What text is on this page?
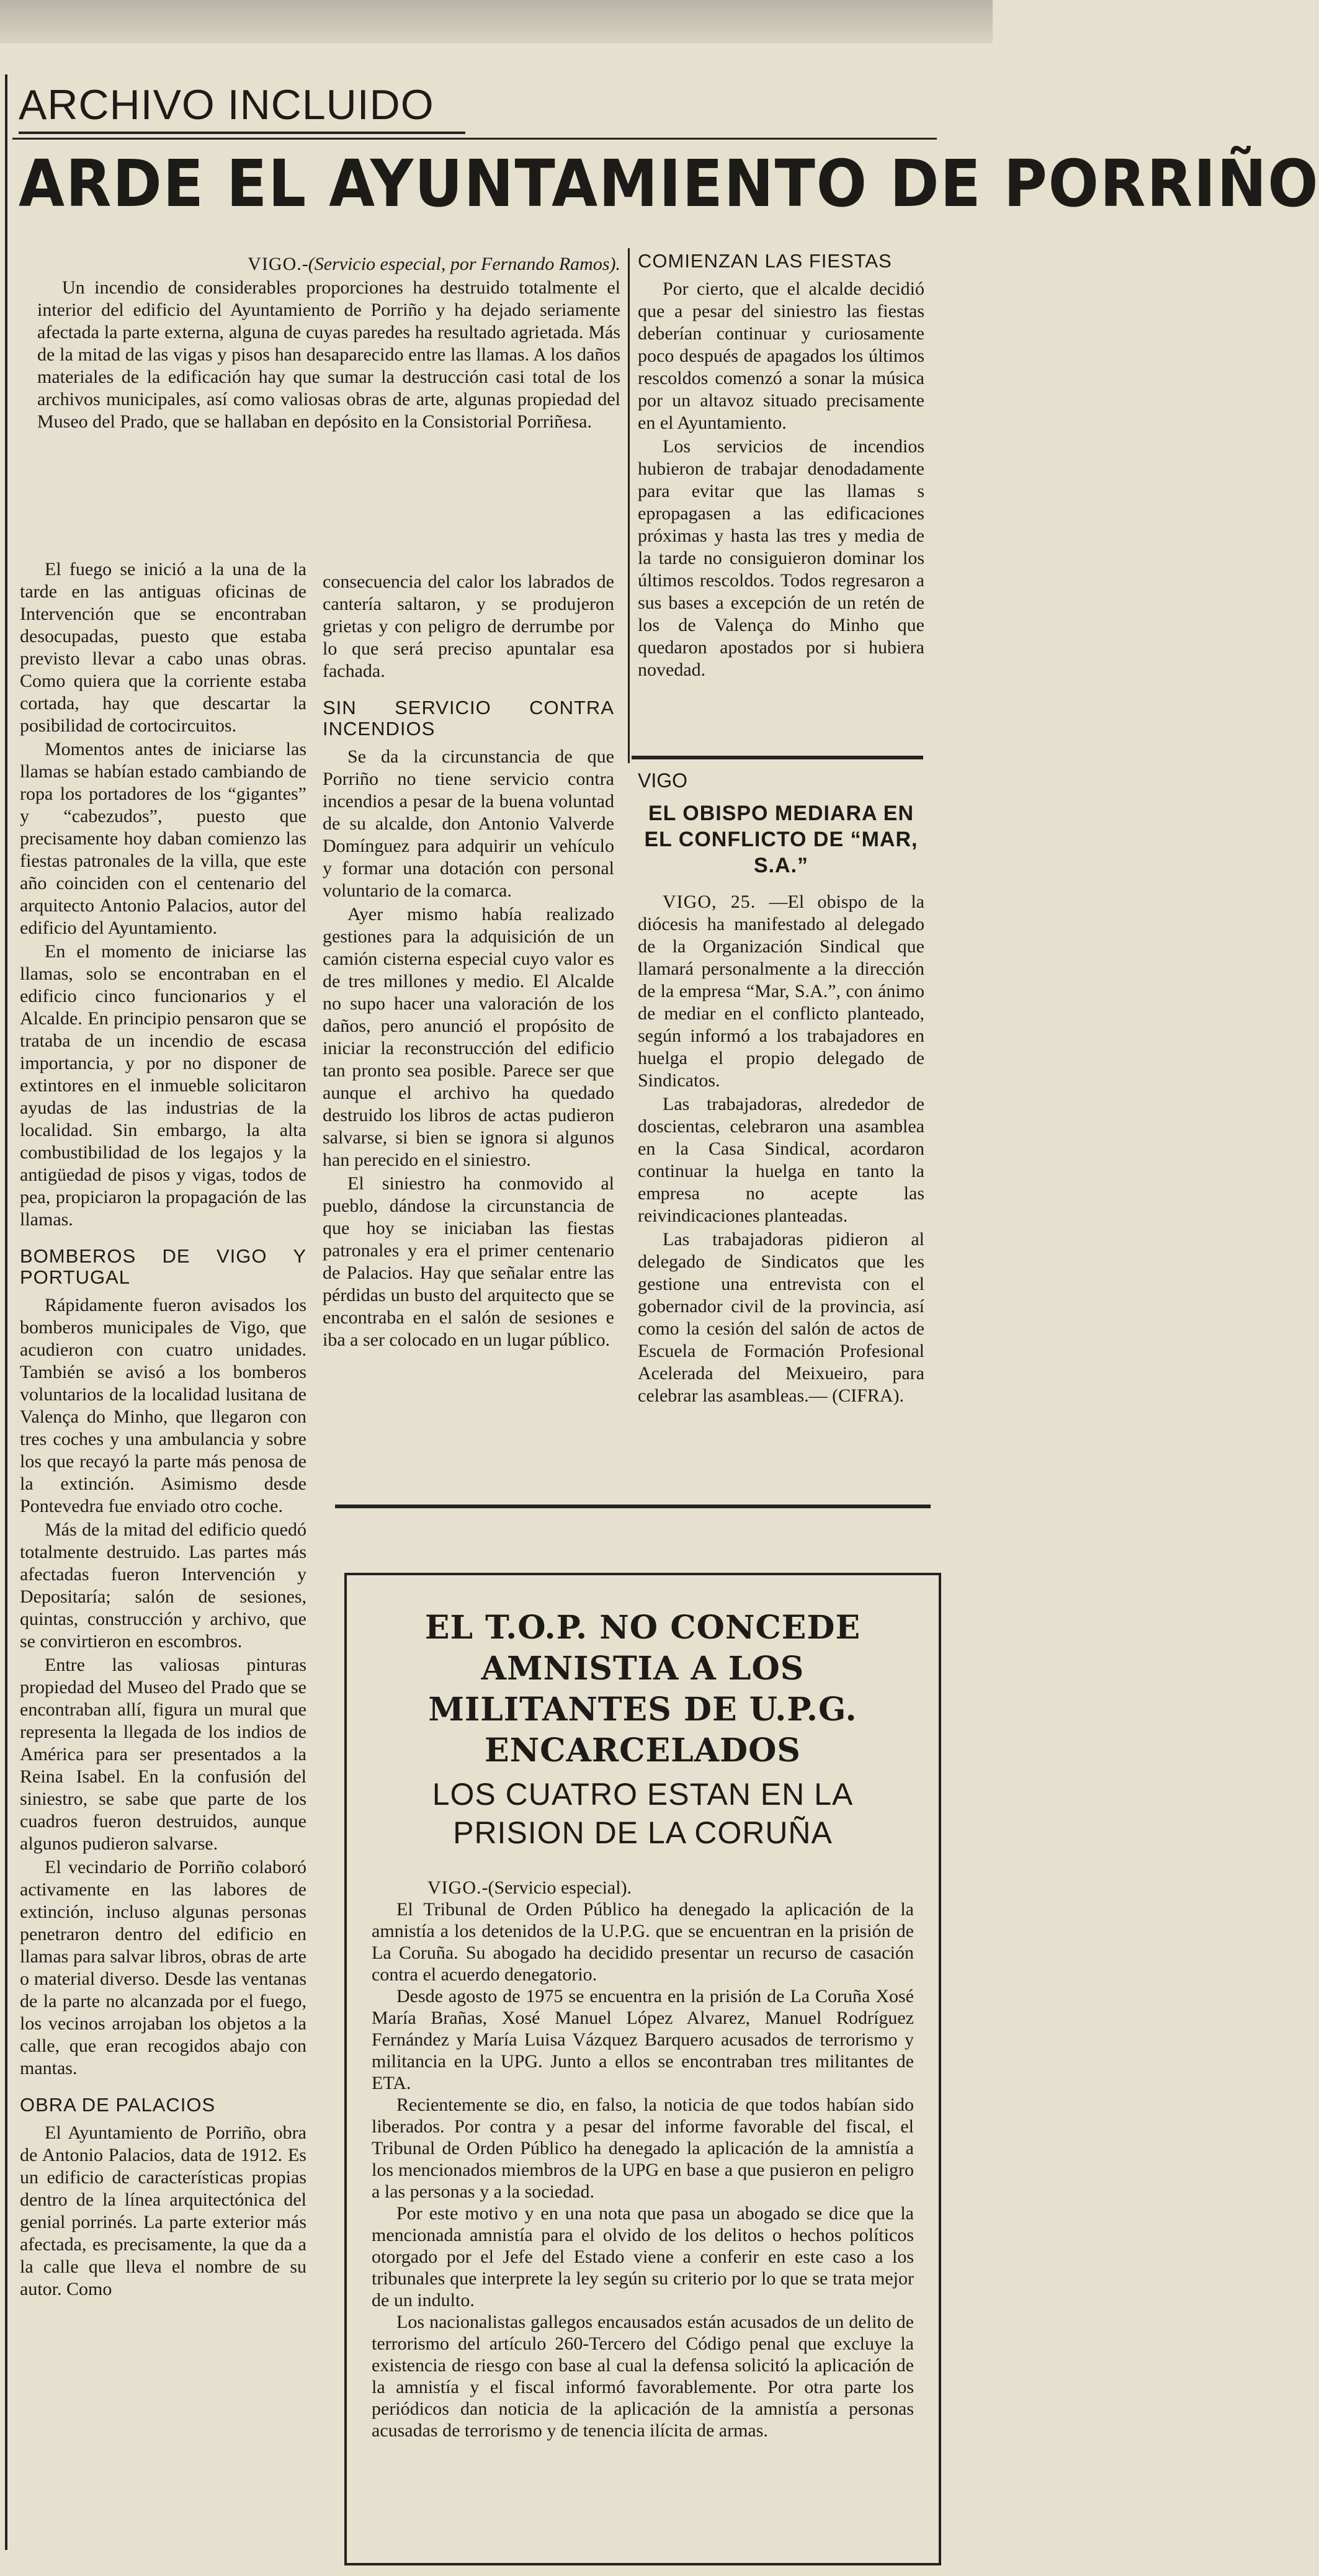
ARCHIVO INCLUIDO
ARDE EL AYUNTAMIENTO DE PORRIÑO

VIGO.-(Servicio especial, por Fernando Ramos).

Un incendio de considerables proporciones ha destruido totalmente el interior del edificio del Ayuntamiento de Porriño y ha dejado seriamente afectada la parte externa, alguna de cuyas paredes ha resultado agrietada. Más de la mitad de las vigas y pisos han desaparecido entre las llamas. A los daños materiales de la edificación hay que sumar la destrucción casi total de los archivos municipales, así como valiosas obras de arte, algunas propiedad del Museo del Prado, que se hallaban en depósito en la Consistorial Porriñesa.

El fuego se inició a la una de la tarde en las antiguas oficinas de Intervención que se encontraban desocupadas, puesto que estaba previsto llevar a cabo unas obras. Como quiera que la corriente estaba cortada, hay que descartar la posibilidad de cortocircuitos.

Momentos antes de iniciarse las llamas se habían estado cambiando de ropa los portadores de los “gigantes” y “cabezudos”, puesto que precisamente hoy daban comienzo las fiestas patronales de la villa, que este año coinciden con el centenario del arquitecto Antonio Palacios, autor del edificio del Ayuntamiento.

En el momento de iniciarse las llamas, solo se encontraban en el edificio cinco funcionarios y el Alcalde. En principio pensaron que se trataba de un incendio de escasa importancia, y por no disponer de extintores en el inmueble solicitaron ayudas de las industrias de la localidad. Sin embargo, la alta combustibilidad de los legajos y la antigüedad de pisos y vigas, todos de pea, propiciaron la propagación de las llamas.

BOMBEROS DE VIGO Y PORTUGAL

Rápidamente fueron avisados los bomberos municipales de Vigo, que acudieron con cuatro unidades. También se avisó a los bomberos voluntarios de la localidad lusitana de Valença do Minho, que llegaron con tres coches y una ambulancia y sobre los que recayó la parte más penosa de la extinción. Asimismo desde Pontevedra fue enviado otro coche.

Más de la mitad del edificio quedó totalmente destruido. Las partes más afectadas fueron Intervención y Depositaría; salón de sesiones, quintas, construcción y archivo, que se convirtieron en escombros.

Entre las valiosas pinturas propiedad del Museo del Prado que se encontraban allí, figura un mural que representa la llegada de los indios de América para ser presentados a la Reina Isabel. En la confusión del siniestro, se sabe que parte de los cuadros fueron destruidos, aunque algunos pudieron salvarse.

El vecindario de Porriño colaboró activamente en las labores de extinción, incluso algunas personas penetraron dentro del edificio en llamas para salvar libros, obras de arte o material diverso. Desde las ventanas de la parte no alcanzada por el fuego, los vecinos arrojaban los objetos a la calle, que eran recogidos abajo con mantas.

OBRA DE PALACIOS

El Ayuntamiento de Porriño, obra de Antonio Palacios, data de 1912. Es un edificio de características propias dentro de la línea arquitectónica del genial porrinés. La parte exterior más afectada, es precisamente, la que da a la calle que lleva el nombre de su autor. Como

consecuencia del calor los labrados de cantería saltaron, y se produjeron grietas y con peligro de derrumbe por lo que será preciso apuntalar esa fachada.

SIN SERVICIO CONTRA INCENDIOS

Se da la circunstancia de que Porriño no tiene servicio contra incendios a pesar de la buena voluntad de su alcalde, don Antonio Valverde Domínguez para adquirir un vehículo y formar una dotación con personal voluntario de la comarca.

Ayer mismo había realizado gestiones para la adquisición de un camión cisterna especial cuyo valor es de tres millones y medio. El Alcalde no supo hacer una valoración de los daños, pero anunció el propósito de iniciar la reconstrucción del edificio tan pronto sea posible. Parece ser que aunque el archivo ha quedado destruido los libros de actas pudieron salvarse, si bien se ignora si algunos han perecido en el siniestro.

El siniestro ha conmovido al pueblo, dándose la circunstancia de que hoy se iniciaban las fiestas patronales y era el primer centenario de Palacios. Hay que señalar entre las pérdidas un busto del arquitecto que se encontraba en el salón de sesiones e iba a ser colocado en un lugar público.

COMIENZAN LAS FIESTAS

Por cierto, que el alcalde decidió que a pesar del siniestro las fiestas deberían continuar y curiosamente poco después de apagados los últimos rescoldos comenzó a sonar la música por un altavoz situado precisamente en el Ayuntamiento.

Los servicios de incendios hubieron de trabajar denodadamente para evitar que las llamas s epropagasen a las edificaciones próximas y hasta las tres y media de la tarde no consiguieron dominar los últimos rescoldos. Todos regresaron a sus bases a excepción de un retén de los de Valença do Minho que quedaron apostados por si hubiera novedad.

VIGO
EL OBISPO MEDIARA EN EL CONFLICTO DE “MAR, S.A.”

VIGO, 25. —El obispo de la diócesis ha manifestado al delegado de la Organización Sindical que llamará personalmente a la dirección de la empresa “Mar, S.A.”, con ánimo de mediar en el conflicto planteado, según informó a los trabajadores en huelga el propio delegado de Sindicatos.

Las trabajadoras, alrededor de doscientas, celebraron una asamblea en la Casa Sindical, acordaron continuar la huelga en tanto la empresa no acepte las reivindicaciones planteadas.

Las trabajadoras pidieron al delegado de Sindicatos que les gestione una entrevista con el gobernador civil de la provincia, así como la cesión del salón de actos de Escuela de Formación Profesional Acelerada del Meixueiro, para celebrar las asambleas.— (CIFRA).

EL T.O.P. NO CONCEDE AMNISTIA A LOS MILITANTES DE U.P.G. ENCARCELADOS
LOS CUATRO ESTAN EN LA PRISION DE LA CORUÑA

VIGO.-(Servicio especial).

El Tribunal de Orden Público ha denegado la aplicación de la amnistía a los detenidos de la U.P.G. que se encuentran en la prisión de La Coruña. Su abogado ha decidido presentar un recurso de casación contra el acuerdo denegatorio.

Desde agosto de 1975 se encuentra en la prisión de La Coruña Xosé María Brañas, Xosé Manuel López Alvarez, Manuel Rodríguez Fernández y María Luisa Vázquez Barquero acusados de terrorismo y militancia en la UPG. Junto a ellos se encontraban tres militantes de ETA.

Recientemente se dio, en falso, la noticia de que todos habían sido liberados. Por contra y a pesar del informe favorable del fiscal, el Tribunal de Orden Público ha denegado la aplicación de la amnistía a los mencionados miembros de la UPG en base a que pusieron en peligro a las personas y a la sociedad.

Por este motivo y en una nota que pasa un abogado se dice que la mencionada amnistía para el olvido de los delitos o hechos políticos otorgado por el Jefe del Estado viene a conferir en este caso a los tribunales que interprete la ley según su criterio por lo que se trata mejor de un indulto.

Los nacionalistas gallegos encausados están acusados de un delito de terrorismo del artículo 260-Tercero del Código penal que excluye la existencia de riesgo con base al cual la defensa solicitó la aplicación de la amnistía y el fiscal informó favorablemente. Por otra parte los periódicos dan noticia de la aplicación de la amnistía a personas acusadas de terrorismo y de tenencia ilícita de armas.
